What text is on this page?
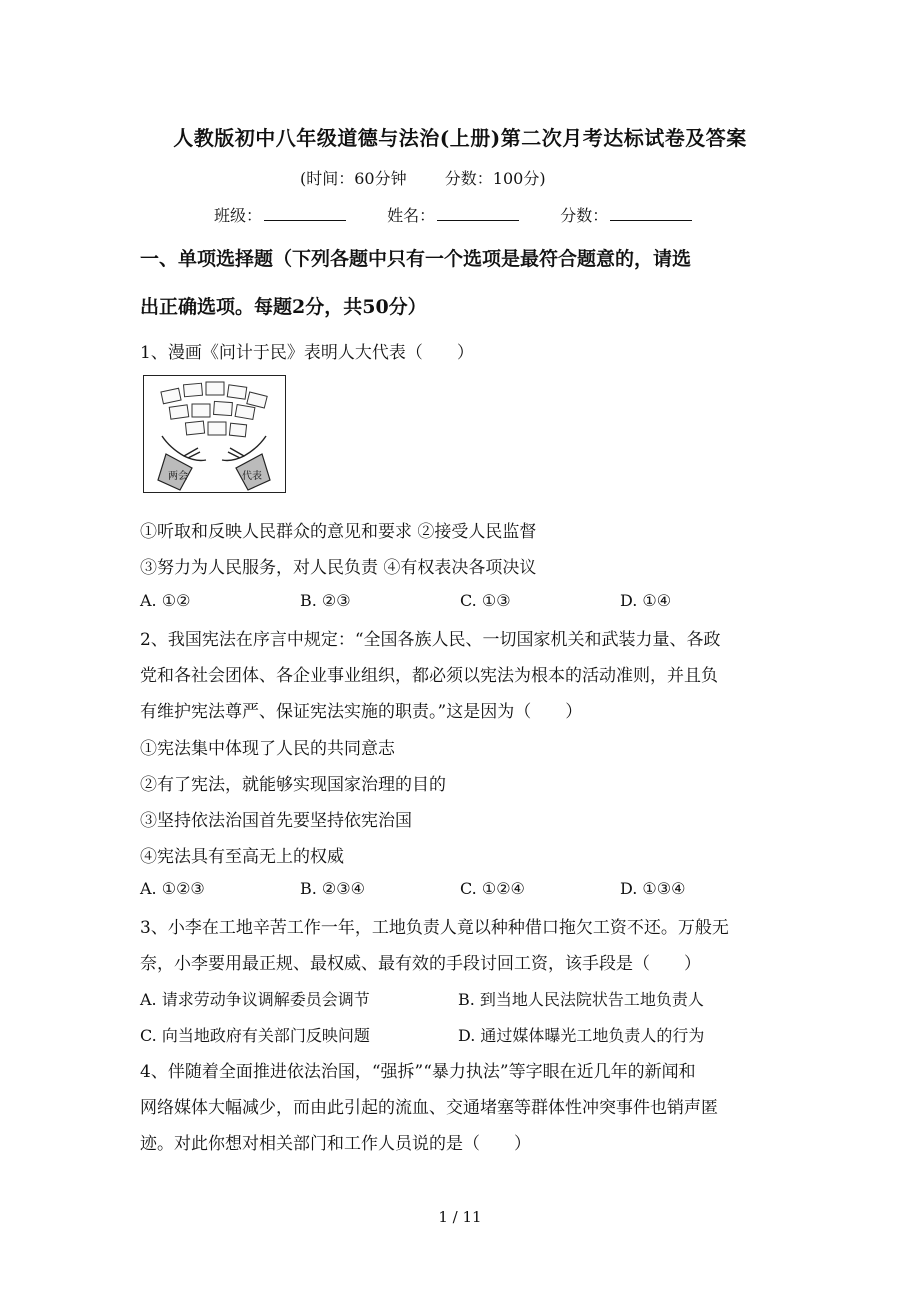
人教版初中八年级道德与法治(上册)第二次月考达标试卷及答案
(时间：60分钟 分数：100分)
班级：	姓名：	分数：
一、单项选择题（下列各题中只有一个选项是最符合题意的，请选
出正确选项。每题2分，共50分）
1、漫画《问计于民》表明人大代表（　　）
两会	代表
①听取和反映人民群众的意见和要求 ②接受人民监督
③努力为人民服务，对人民负责 ④有权表决各项决议
A. ①②	B. ②③	C. ①③	D. ①④
2、我国宪法在序言中规定：“全国各族人民、一切国家机关和武装力量、各政
党和各社会团体、各企业事业组织，都必须以宪法为根本的活动准则，并且负
有维护宪法尊严、保证宪法实施的职责。”这是因为（　　）
①宪法集中体现了人民的共同意志
②有了宪法，就能够实现国家治理的目的
③坚持依法治国首先要坚持依宪治国
④宪法具有至高无上的权威
A. ①②③	B. ②③④	C. ①②④	D. ①③④
3、小李在工地辛苦工作一年，工地负责人竟以种种借口拖欠工资不还。万般无
奈，小李要用最正规、最权威、最有效的手段讨回工资，该手段是（　　）
A. 请求劳动争议调解委员会调节	B. 到当地人民法院状告工地负责人
C. 向当地政府有关部门反映问题	D. 通过媒体曝光工地负责人的行为
4、伴随着全面推进依法治国，“强拆”“暴力执法”等字眼在近几年的新闻和
网络媒体大幅减少，而由此引起的流血、交通堵塞等群体性冲突事件也销声匿
迹。对此你想对相关部门和工作人员说的是（　　）
1 / 11
